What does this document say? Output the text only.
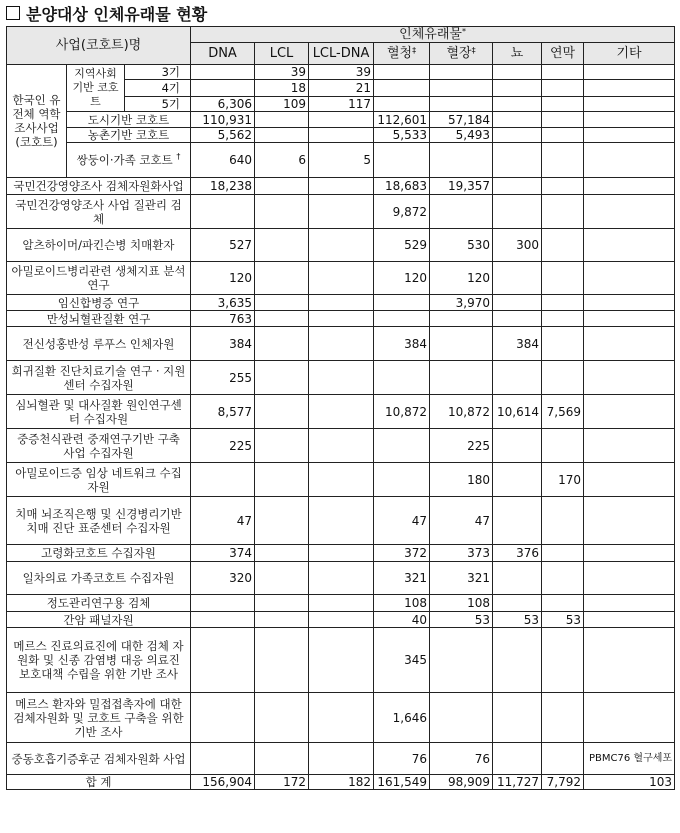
분양대상 인체유래물 현황
사업(코호트)명			인체유래물*
			DNA	LCL	LCL-DNA	혈청‡	혈장‡	뇨	연막	기타
한국인 유전체 역학조사사업 (코호트)	지역사회기반 코호트	3기		39	39					
		4기		18	21					
		5기	6,306	109	117					
	도시기반 코호트		110,931			112,601	57,184			
	농촌기반 코호트		5,562			5,533	5,493			
	쌍둥이·가족 코호트 †		640	6	5					
국민건강영양조사 검체자원화사업			18,238			18,683	19,357			
국민건강영양조사 사업 질관리 검체						9,872				
알츠하이머/파킨슨병 치매환자			527			529	530	300		
아밀로이드병리관련 생체지표 분석연구			120			120	120			
임신합병증 연구			3,635				3,970			
만성뇌혈관질환 연구			763							
전신성홍반성 루푸스 인체자원			384			384		384		
희귀질환 진단치료기술 연구 · 지원센터 수집자원			255							
심뇌혈관 및 대사질환 원인연구센터 수집자원			8,577			10,872	10,872	10,614	7,569	
중증천식관련 중재연구기반 구축 사업 수집자원			225				225			
아밀로이드증 임상 네트워크 수집 자원							180		170	
치매 뇌조직은행 및 신경병리기반 치매 진단 표준센터 수집자원			47			47	47			
고령화코호트 수집자원			374			372	373	376		
일차의료 가족코호트 수집자원			320			321	321			
정도관리연구용 검체						108	108			
간암 패널자원						40	53	53	53	
메르스 진료의료진에 대한 검체 자원화 및 신종 감염병 대응 의료진 보호대책 수립을 위한 기반 조사						345				
메르스 환자와 밀접접촉자에 대한 검체자원화 및 코호트 구축을 위한 기반 조사						1,646				
중동호흡기증후군 검체자원화 사업						76	76			PBMC76 혈구세포
합 계			156,904	172	182	161,549	98,909	11,727	7,792	103
